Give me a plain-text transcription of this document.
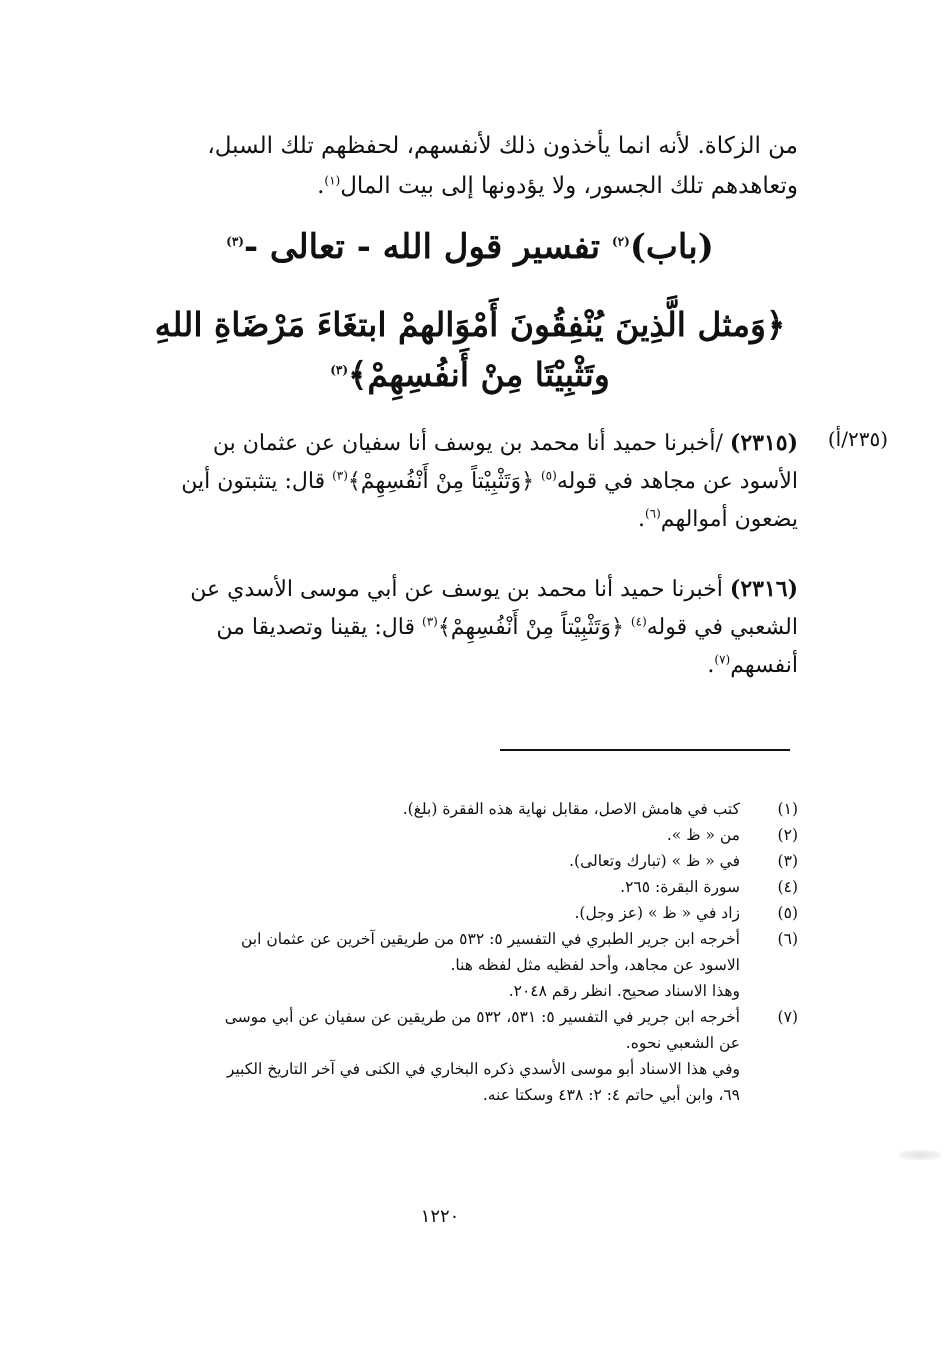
من الزكاة. لأنه انما يأخذون ذلك لأنفسهم، لحفظهم تلك السبل،
وتعاهدهم تلك الجسور، ولا يؤدونها إلى بيت المال$^{(١)}$.
(باب)$^{(٢)}$ تفسير قول الله - تعالى -$^{(٣)}$
﴿وَمثل الَّذِينَ يُنْفِقُونَ أَمْوَالهمْ ابتغَاءَ مَرْضَاةِ اللهِ
وتَثْبِيْتَا مِنْ أَنفُسِهِمْ﴾$^{(٣)}$
(٢٣٥/أ)
(٢٣١٥) /أخبرنا حميد أنا محمد بن يوسف أنا سفيان عن عثمان بن
الأسود عن مجاهد في قوله$^{(٥)}$ ﴿وَتَثْبِيْتاً مِنْ أَنْفُسِهِمْ﴾$^{(٣)}$ قال: يتثبتون أين
يضعون أموالهم$^{(٦)}$.
(٢٣١٦) أخبرنا حميد أنا محمد بن يوسف عن أبي موسى الأسدي عن
الشعبي في قوله$^{(٤)}$ ﴿وَتَثْبِيْتاً مِنْ أَنْفُسِهِمْ﴾$^{(٣)}$ قال: يقينا وتصديقا من
أنفسهم$^{(٧)}$.
(١)
كتب في هامش الاصل، مقابل نهاية هذه الفقرة (بلغ).
(٢)
من « ظ ».
(٣)
في « ظ » (تبارك وتعالى).
(٤)
سورة البقرة: ٢٦٥.
(٥)
زاد في « ظ » (عز وجل).
(٦)
أخرجه ابن جرير الطبري في التفسير ٥: ٥٣٢ من طريقين آخرين عن عثمان ابن
الاسود عن مجاهد، وأحد لفظيه مثل لفظه هنا.
وهذا الاسناد صحيح. انظر رقم ٢٠٤٨.
(٧)
أخرجه ابن جرير في التفسير ٥: ٥٣١، ٥٣٢ من طريقين عن سفيان عن أبي موسى
عن الشعبي نحوه.
وفي هذا الاسناد أبو موسى الأسدي ذكره البخاري في الكنى في آخر التاريخ الكبير
٦٩، وابن أبي حاتم ٤: ٢: ٤٣٨ وسكتا عنه.
١٢٢٠
